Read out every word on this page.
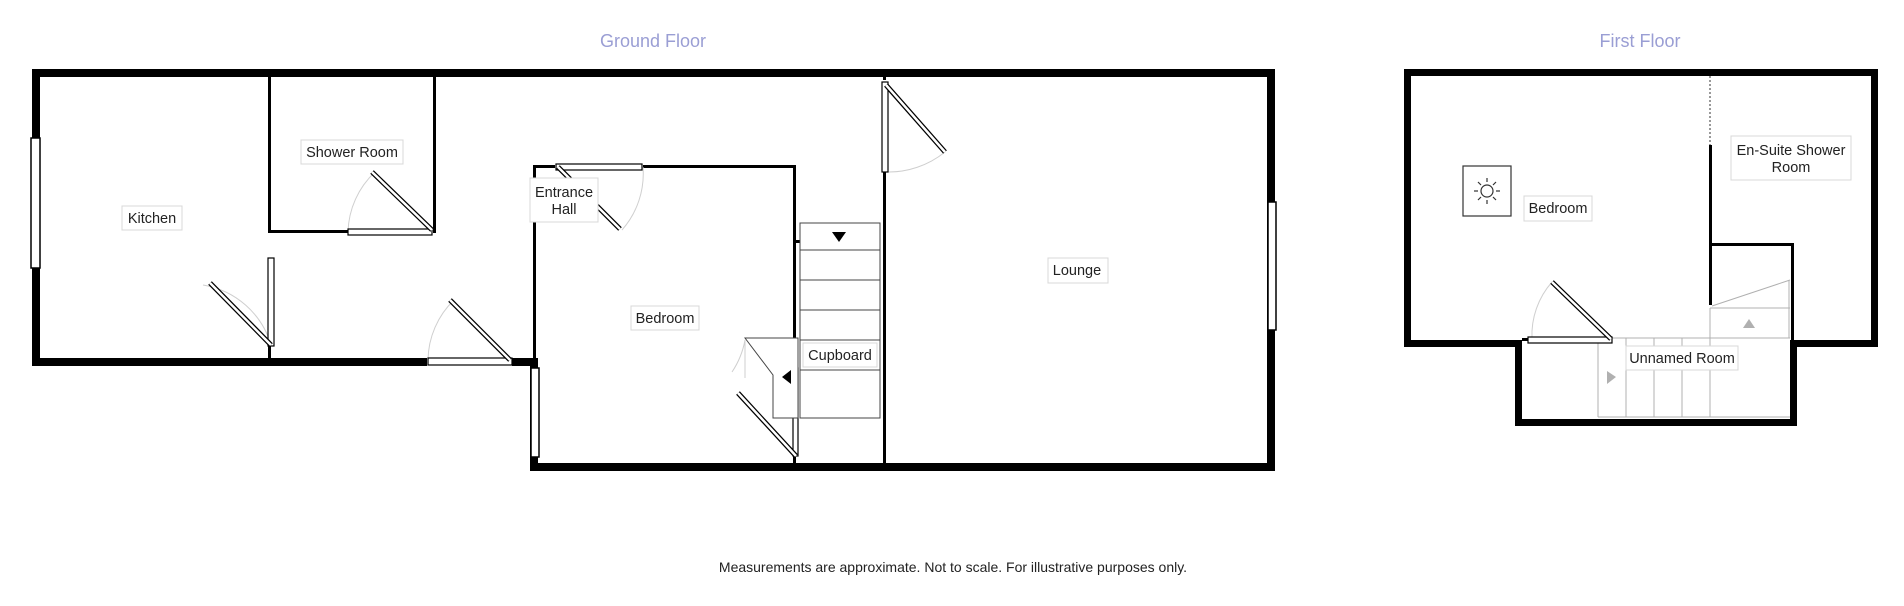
Ground Floor
Kitchen
Shower Room
Entrance
Hall
Bedroom
Cupboard
Lounge
First Floor
Bedroom
En-Suite Shower
Room
Unnamed Room
Measurements are approximate. Not to scale. For illustrative purposes only.
